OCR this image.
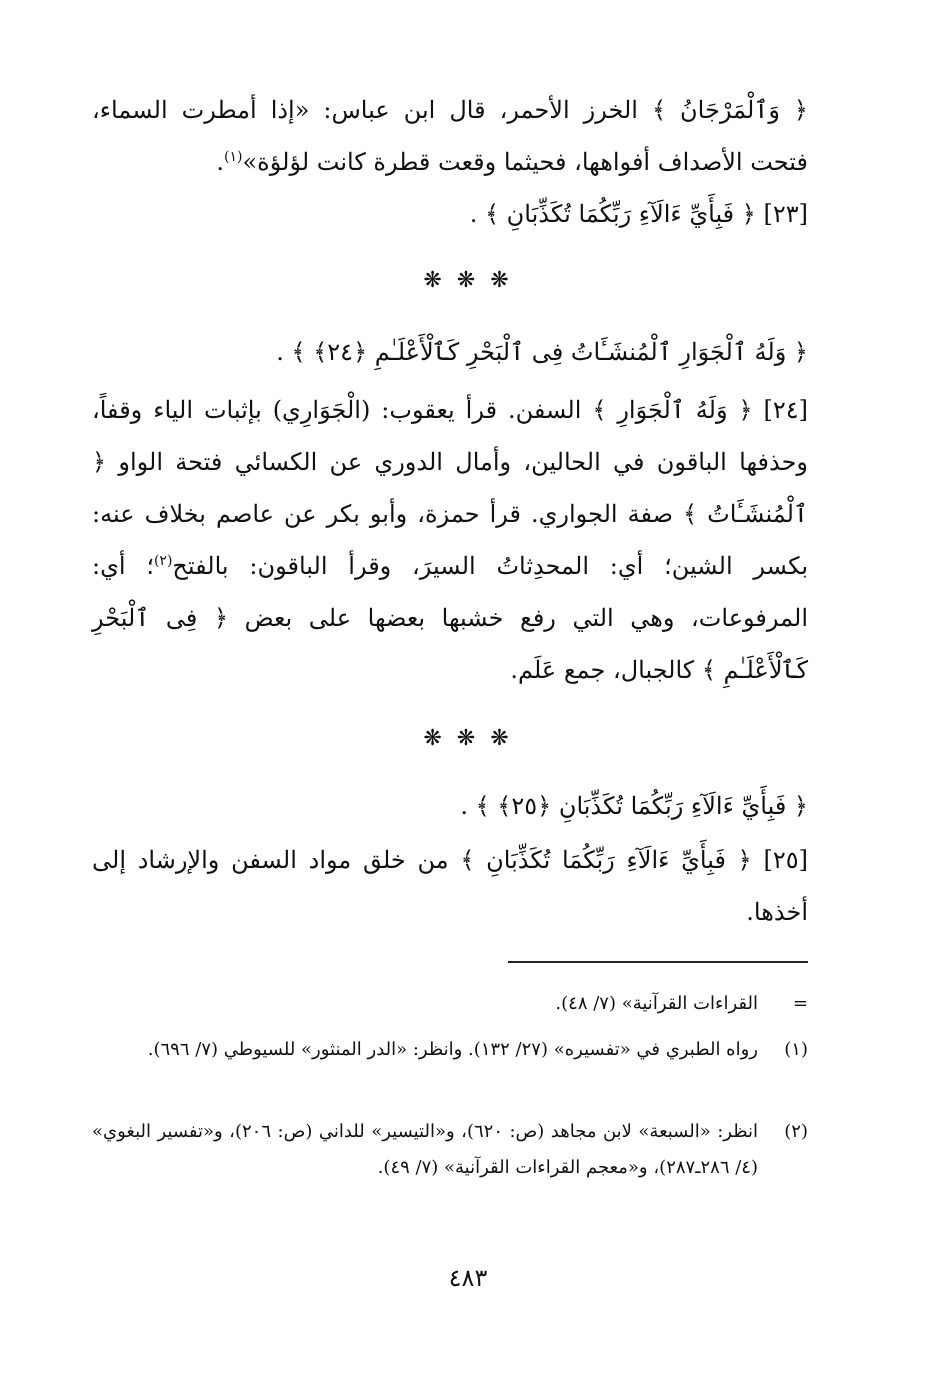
﴿ وَٱلْمَرْجَانُ ﴾ الخرز الأحمر، قال ابن عباس: «إذا أمطرت السماء، فتحت الأصداف أفواهها، فحيثما وقعت قطرة كانت لؤلؤة»$^{(١)}$.
[٢٣] ﴿ فَبِأَيِّ ءَالَآءِ رَبِّكُمَا تُكَذِّبَانِ ﴾ .
❋ ❋ ❋
﴿ وَلَهُ ٱلْجَوَارِ ٱلْمُنشَـَٔاتُ فِى ٱلْبَحْرِ كَٱلْأَعْلَـٰمِ ﴿٢٤﴾ ﴾ .
[٢٤] ﴿ وَلَهُ ٱلْجَوَارِ ﴾ السفن. قرأ يعقوب: (الْجَوَارِي) بإثبات الياء وقفاً، وحذفها الباقون في الحالين، وأمال الدوري عن الكسائي فتحة الواو ﴿ ٱلْمُنشَـَٔاتُ ﴾ صفة الجواري. قرأ حمزة، وأبو بكر عن عاصم بخلاف عنه: بكسر الشين؛ أي: المحدِثاتُ السيرَ، وقرأ الباقون: بالفتح$^{(٢)}$؛ أي: المرفوعات، وهي التي رفع خشبها بعضها على بعض ﴿ فِى ٱلْبَحْرِ كَٱلْأَعْلَـٰمِ ﴾ كالجبال، جمع عَلَم.
❋ ❋ ❋
﴿ فَبِأَيِّ ءَالَآءِ رَبِّكُمَا تُكَذِّبَانِ ﴿٢٥﴾ ﴾ .
[٢٥] ﴿ فَبِأَيِّ ءَالَآءِ رَبِّكُمَا تُكَذِّبَانِ ﴾ من خلق مواد السفن والإرشاد إلى أخذها.
=
القراءات القرآنية» (٧/ ٤٨).
(١)
رواه الطبري في «تفسيره» (٢٧/ ١٣٢). وانظر: «الدر المنثور» للسيوطي (٧/ ٦٩٦).
(٢)
انظر: «السبعة» لابن مجاهد (ص: ٦٢٠)، و«التيسير» للداني (ص: ٢٠٦)، و«تفسير البغوي» (٤/ ٢٨٦ـ٢٨٧)، و«معجم القراءات القرآنية» (٧/ ٤٩).
٤٨٣
